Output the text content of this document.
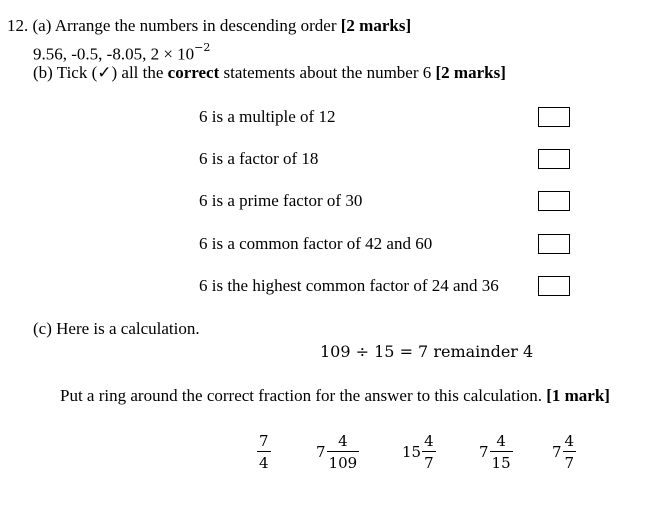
12. (a) Arrange the numbers in descending order [2 marks]
9.56, -0.5, -8.05, $2 \times 10^{-2}$
(b) Tick (✓) all the correct statements about the number 6 [2 marks]
6 is a multiple of 12
6 is a factor of 18
6 is a prime factor of 30
6 is a common factor of 42 and 60
6 is the highest common factor of 24 and 36
(c) Here is a calculation.
109 ÷ 15 = 7 remainder 4
Put a ring around the correct fraction for the answer to this calculation. [1 mark]
$\frac{7}{4}$	$7 \frac{4}{109}$	$15 \frac{4}{7}$	$7 \frac{4}{15}$	$7 \frac{4}{7}$
